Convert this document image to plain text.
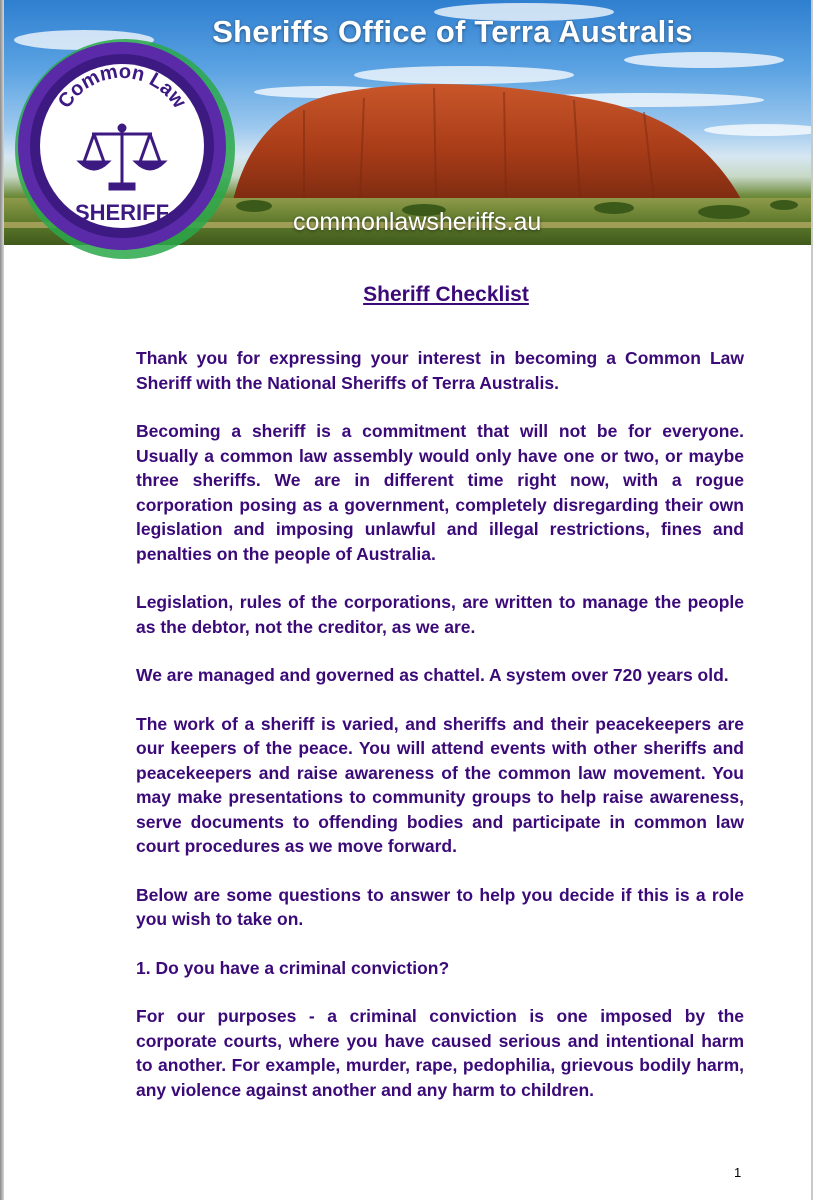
Sheriffs Office of Terra Australis
commonlawsheriffs.au
Common Law
SHERIFF
Sheriff Checklist

Thank you for expressing your interest in becoming a Common Law Sheriff with the National Sheriffs of Terra Australis.

Becoming a sheriff is a commitment that will not be for everyone. Usually a common law assembly would only have one or two, or maybe three sheriffs. We are in different time right now, with a rogue corporation posing as a government, completely disregarding their own legislation and imposing unlawful and illegal restrictions, fines and penalties on the people of Australia.

Legislation, rules of the corporations, are written to manage the people as the debtor, not the creditor, as we are.

We are managed and governed as chattel. A system over 720 years old.

The work of a sheriff is varied, and sheriffs and their peacekeepers are our keepers of the peace. You will attend events with other sheriffs and peacekeepers and raise awareness of the common law movement. You may make presentations to community groups to help raise awareness, serve documents to offending bodies and participate in common law court procedures as we move forward.

Below are some questions to answer to help you decide if this is a role you wish to take on.

1. Do you have a criminal conviction?

For our purposes - a criminal conviction is one imposed by the corporate courts, where you have caused serious and intentional harm to another. For example, murder, rape, pedophilia, grievous bodily harm, any violence against another and any harm to children.

1
